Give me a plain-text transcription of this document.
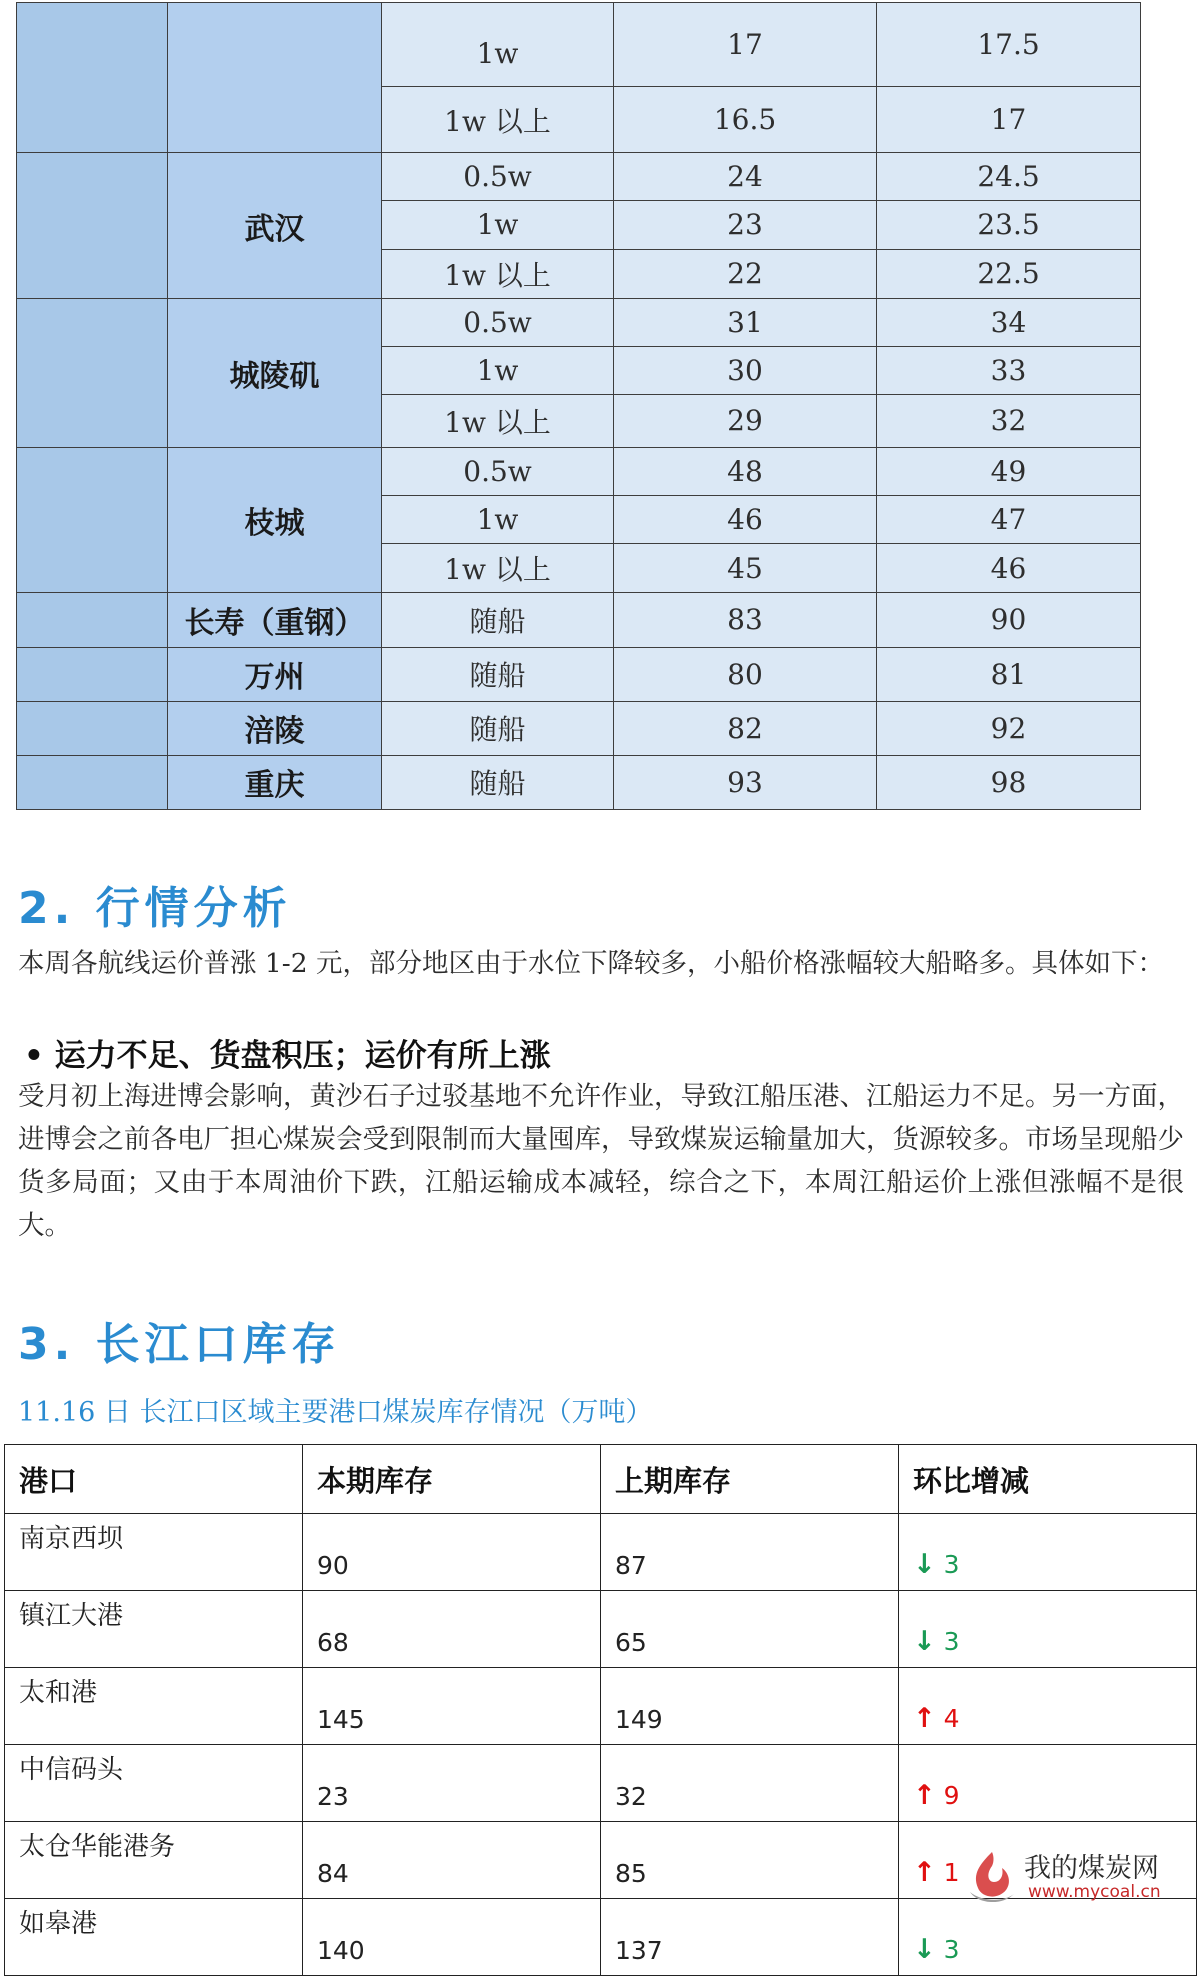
		1w	17	17.5
		1w 以上	16.5	17
	武汉	0.5w	24	24.5
		1w	23	23.5
		1w 以上	22	22.5
	城陵矶	0.5w	31	34
		1w	30	33
		1w 以上	29	32
	枝城	0.5w	48	49
		1w	46	47
		1w 以上	45	46
	长寿（重钢）	随船	83	90
	万州	随船	80	81
	涪陵	随船	82	92
	重庆	随船	93	98
2. 行情分析

本周各航线运价普涨 1-2 元，部分地区由于水位下降较多，小船价格涨幅较大船略多。具体如下：

• 运力不足、货盘积压；运价有所上涨

受月初上海进博会影响，黄沙石子过驳基地不允许作业，导致江船压港、江船运力不足。另一方面，进博会之前各电厂担心煤炭会受到限制而大量囤库，导致煤炭运输量加大，货源较多。市场呈现船少货多局面；又由于本周油价下跌，江船运输成本减轻，综合之下，本周江船运价上涨但涨幅不是很大。

3. 长江口库存

11.16 日 长江口区域主要港口煤炭库存情况（万吨）

港口	本期库存	上期库存	环比增减
南京西坝	90	87	↓ 3
镇江大港	68	65	↓ 3
太和港	145	149	↑ 4
中信码头	23	32	↑ 9
太仓华能港务	84	85	↑ 1
如皋港	140	137	↓ 3
我的煤炭网
www.mycoal.cn
